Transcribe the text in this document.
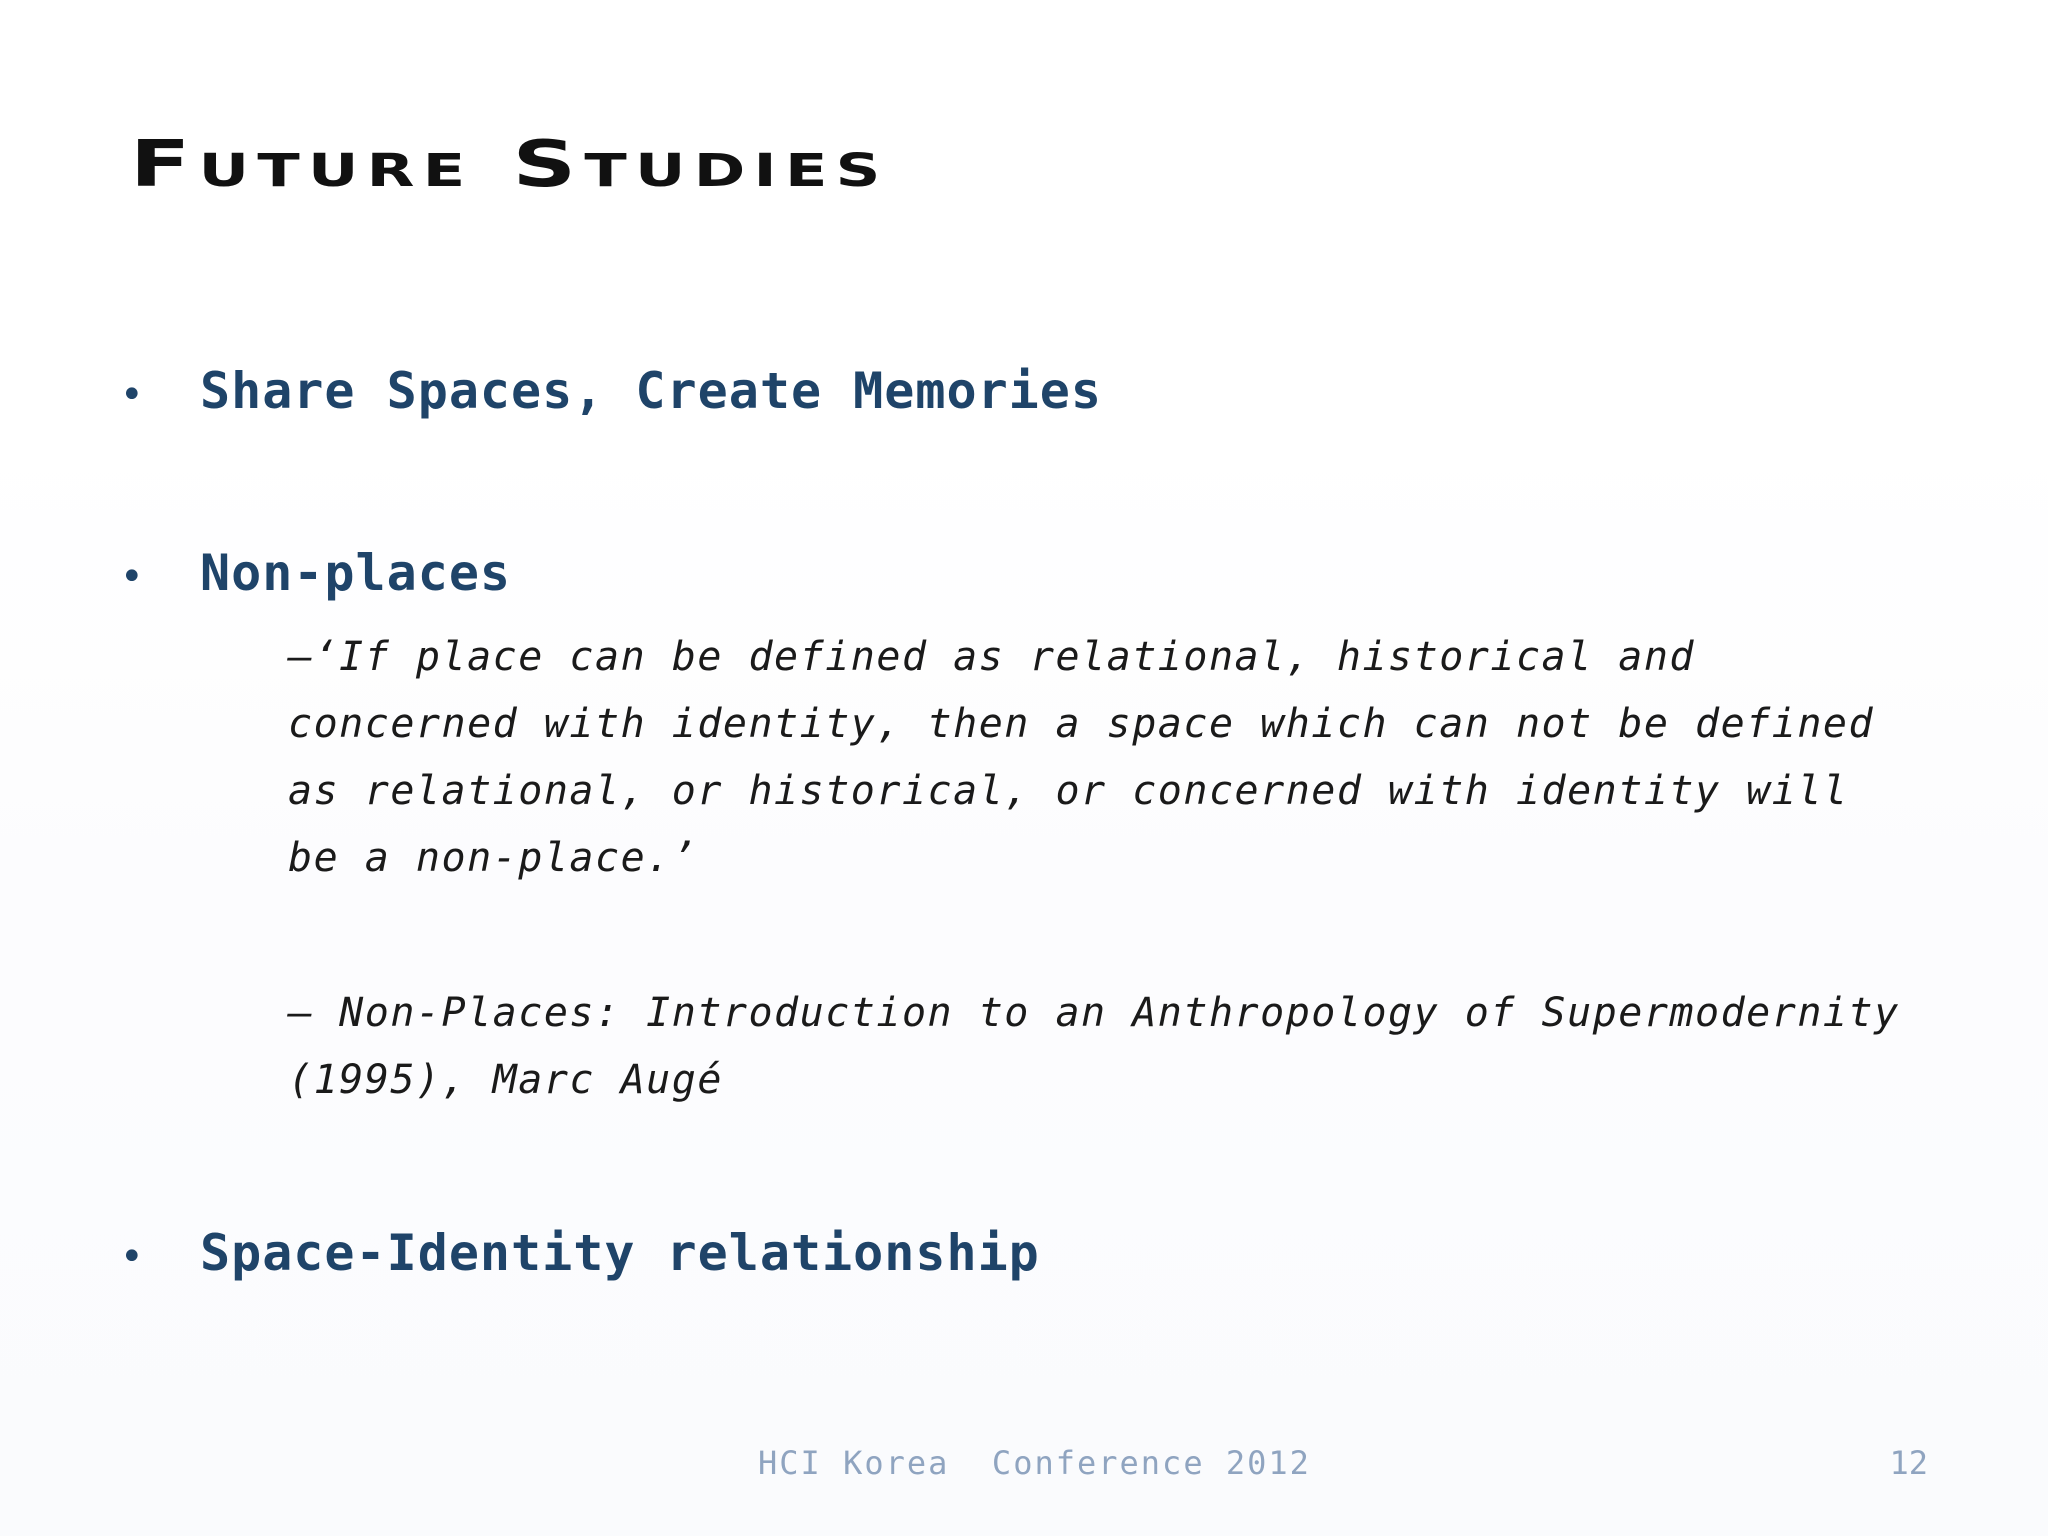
Future Studies
•	Share Spaces, Create Memories
•	Non-places
–‘If place can be defined as relational, historical and
concerned with identity, then a space which can not be defined
as relational, or historical, or concerned with identity will
be a non-place.’
– Non-Places: Introduction to an Anthropology of Supermodernity
(1995), Marc Augé
•	Space-Identity relationship
HCI Korea  Conference 2012	12
